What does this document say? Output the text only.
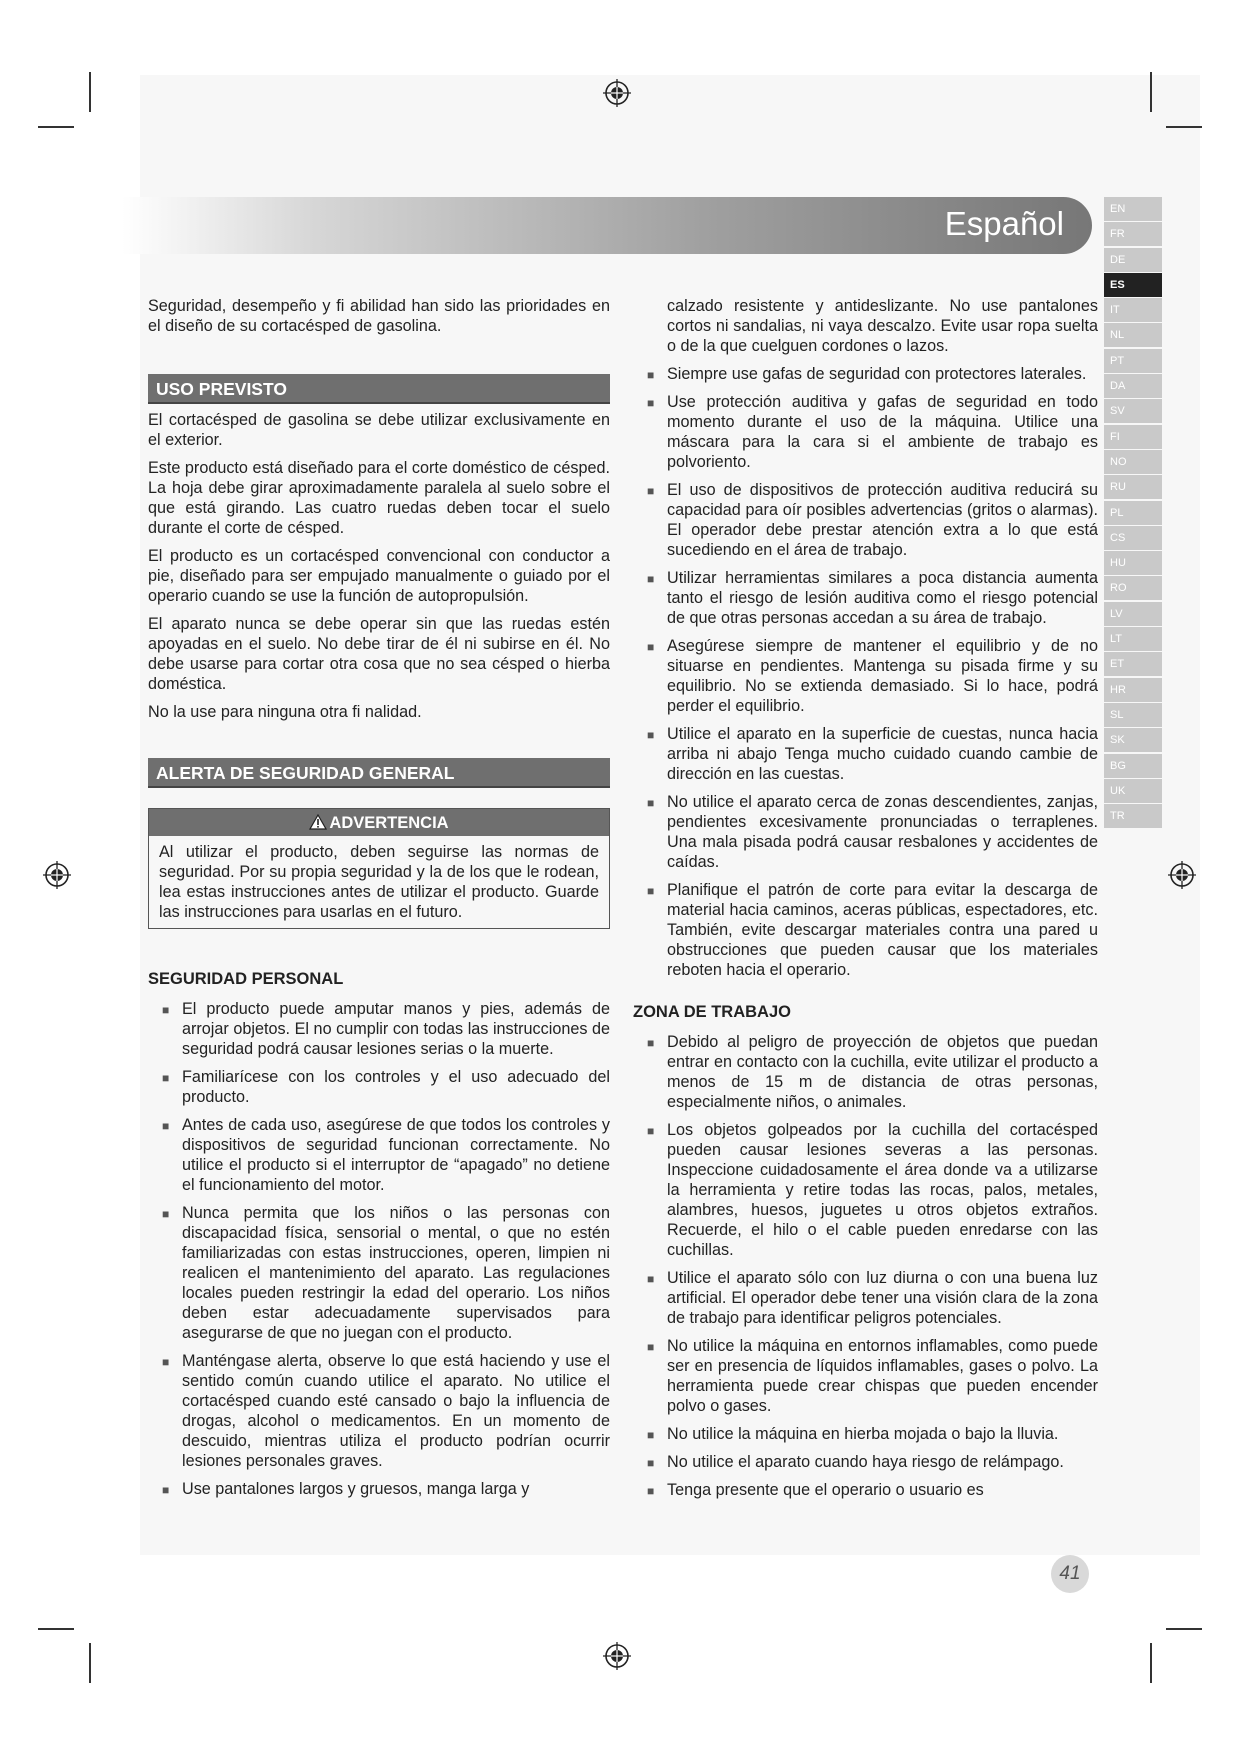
Español	EN
FR
DE
ES
IT
NL
PT
DA
SV
FI
NO
RU
PL
CS
HU
RO
LV
LT
ET
HR
SL
SK
BG
UK
TR

Seguridad, desempeño y fi abilidad han sido las prioridades en el diseño de su cortacésped de gasolina.

USO PREVISTO

El cortacésped de gasolina se debe utilizar exclusivamente en el exterior.

Este producto está diseñado para el corte doméstico de césped. La hoja debe girar aproximadamente paralela al suelo sobre el que está girando. Las cuatro ruedas deben tocar el suelo durante el corte de césped.

El producto es un cortacésped convencional con conductor a pie, diseñado para ser empujado manualmente o guiado por el operario cuando se use la función de autopropulsión.

El aparato nunca se debe operar sin que las ruedas estén apoyadas en el suelo. No debe tirar de él ni subirse en él. No debe usarse para cortar otra cosa que no sea césped o hierba doméstica.

No la use para ninguna otra fi nalidad.

ALERTA DE SEGURIDAD GENERAL
ADVERTENCIA
Al utilizar el producto, deben seguirse las normas de seguridad. Por su propia seguridad y la de los que le rodean, lea estas instrucciones antes de utilizar el producto. Guarde las instrucciones para usarlas en el futuro.
SEGURIDAD PERSONAL
■ El producto puede amputar manos y pies, además de arrojar objetos. El no cumplir con todas las instrucciones de seguridad podrá causar lesiones serias o la muerte.
■ Familiarícese con los controles y el uso adecuado del producto.
■ Antes de cada uso, asegúrese de que todos los controles y dispositivos de seguridad funcionan correctamente. No utilice el producto si el interruptor de “apagado” no detiene el funcionamiento del motor.
■ Nunca permita que los niños o las personas con discapacidad física, sensorial o mental, o que no estén familiarizadas con estas instrucciones, operen, limpien ni realicen el mantenimiento del aparato. Las regulaciones locales pueden restringir la edad del operario. Los niños deben estar adecuadamente supervisados para asegurarse de que no juegan con el producto.
■ Manténgase alerta, observe lo que está haciendo y use el sentido común cuando utilice el aparato. No utilice el cortacésped cuando esté cansado o bajo la influencia de drogas, alcohol o medicamentos. En un momento de descuido, mientras utiliza el producto podrían ocurrir lesiones personales graves.
■ Use pantalones largos y gruesos, manga larga y
calzado resistente y antideslizante. No use pantalones cortos ni sandalias, ni vaya descalzo. Evite usar ropa suelta o de la que cuelguen cordones o lazos.
■ Siempre use gafas de seguridad con protectores laterales.
■ Use protección auditiva y gafas de seguridad en todo momento durante el uso de la máquina. Utilice una máscara para la cara si el ambiente de trabajo es polvoriento.
■ El uso de dispositivos de protección auditiva reducirá su capacidad para oír posibles advertencias (gritos o alarmas). El operador debe prestar atención extra a lo que está sucediendo en el área de trabajo.
■ Utilizar herramientas similares a poca distancia aumenta tanto el riesgo de lesión auditiva como el riesgo potencial de que otras personas accedan a su área de trabajo.
■ Asegúrese siempre de mantener el equilibrio y de no situarse en pendientes. Mantenga su pisada firme y su equilibrio. No se extienda demasiado. Si lo hace, podrá perder el equilibrio.
■ Utilice el aparato en la superficie de cuestas, nunca hacia arriba ni abajo Tenga mucho cuidado cuando cambie de dirección en las cuestas.
■ No utilice el aparato cerca de zonas descendientes, zanjas, pendientes excesivamente pronunciadas o terraplenes. Una mala pisada podrá causar resbalones y accidentes de caídas.
■ Planifique el patrón de corte para evitar la descarga de material hacia caminos, aceras públicas, espectadores, etc. También, evite descargar materiales contra una pared u obstrucciones que pueden causar que los materiales reboten hacia el operario.
ZONA DE TRABAJO
■ Debido al peligro de proyección de objetos que puedan entrar en contacto con la cuchilla, evite utilizar el producto a menos de 15 m de distancia de otras personas, especialmente niños, o animales.
■ Los objetos golpeados por la cuchilla del cortacésped pueden causar lesiones severas a las personas. Inspeccione cuidadosamente el área donde va a utilizarse la herramienta y retire todas las rocas, palos, metales, alambres, huesos, juguetes u otros objetos extraños. Recuerde, el hilo o el cable pueden enredarse con las cuchillas.
■ Utilice el aparato sólo con luz diurna o con una buena luz artificial. El operador debe tener una visión clara de la zona de trabajo para identificar peligros potenciales.
■ No utilice la máquina en entornos inflamables, como puede ser en presencia de líquidos inflamables, gases o polvo. La herramienta puede crear chispas que pueden encender polvo o gases.
■ No utilice la máquina en hierba mojada o bajo la lluvia.
■ No utilice el aparato cuando haya riesgo de relámpago.
■ Tenga presente que el operario o usuario es
41
